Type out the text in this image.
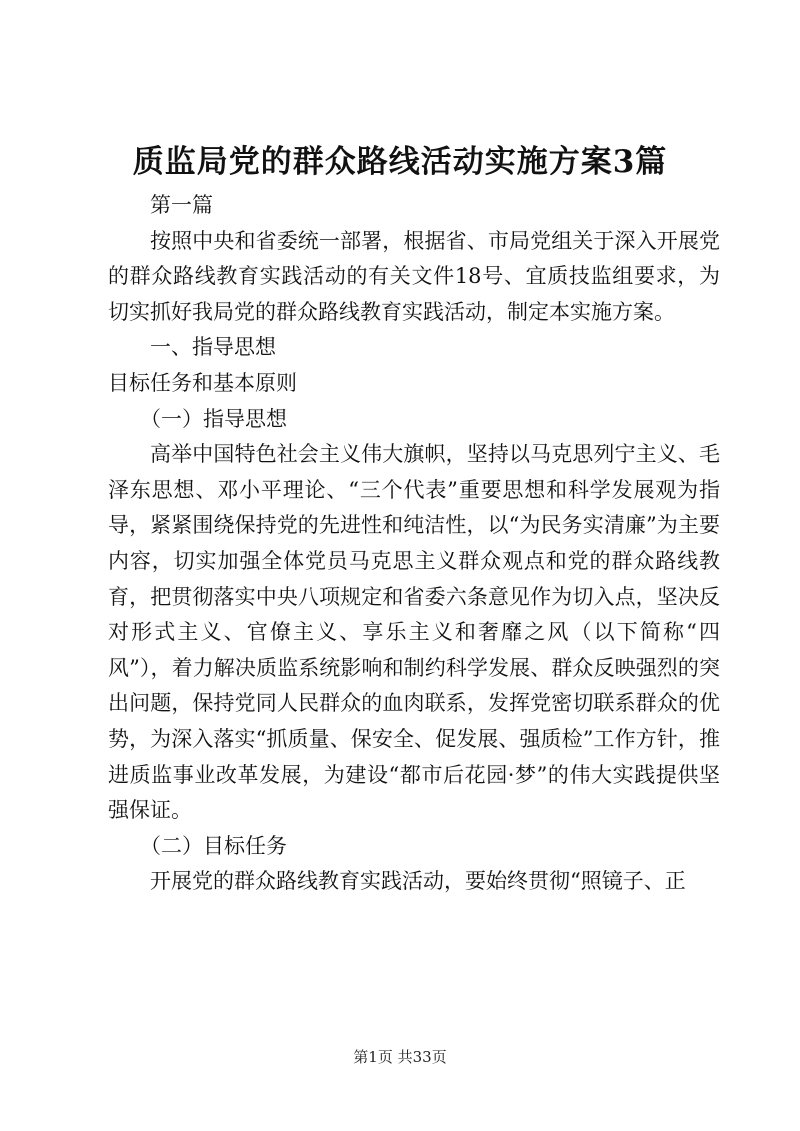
质监局党的群众路线活动实施方案3篇

第一篇

按照中央和省委统一部署，根据省、市局党组关于深入开展党的群众路线教育实践活动的有关文件18号、宜质技监组要求，为切实抓好我局党的群众路线教育实践活动，制定本实施方案。

一、指导思想

目标任务和基本原则

（一）指导思想

高举中国特色社会主义伟大旗帜，坚持以马克思列宁主义、毛泽东思想、邓小平理论、“三个代表”重要思想和科学发展观为指导，紧紧围绕保持党的先进性和纯洁性，以“为民务实清廉”为主要内容，切实加强全体党员马克思主义群众观点和党的群众路线教育，把贯彻落实中央八项规定和省委六条意见作为切入点，坚决反对形式主义、官僚主义、享乐主义和奢靡之风（以下简称“四风”），着力解决质监系统影响和制约科学发展、群众反映强烈的突出问题，保持党同人民群众的血肉联系，发挥党密切联系群众的优势，为深入落实“抓质量、保安全、促发展、强质检”工作方针，推进质监事业改革发展，为建设“都市后花园·梦”的伟大实践提供坚强保证。

（二）目标任务

开展党的群众路线教育实践活动，要始终贯彻“照镜子、正

第1页 共33页
